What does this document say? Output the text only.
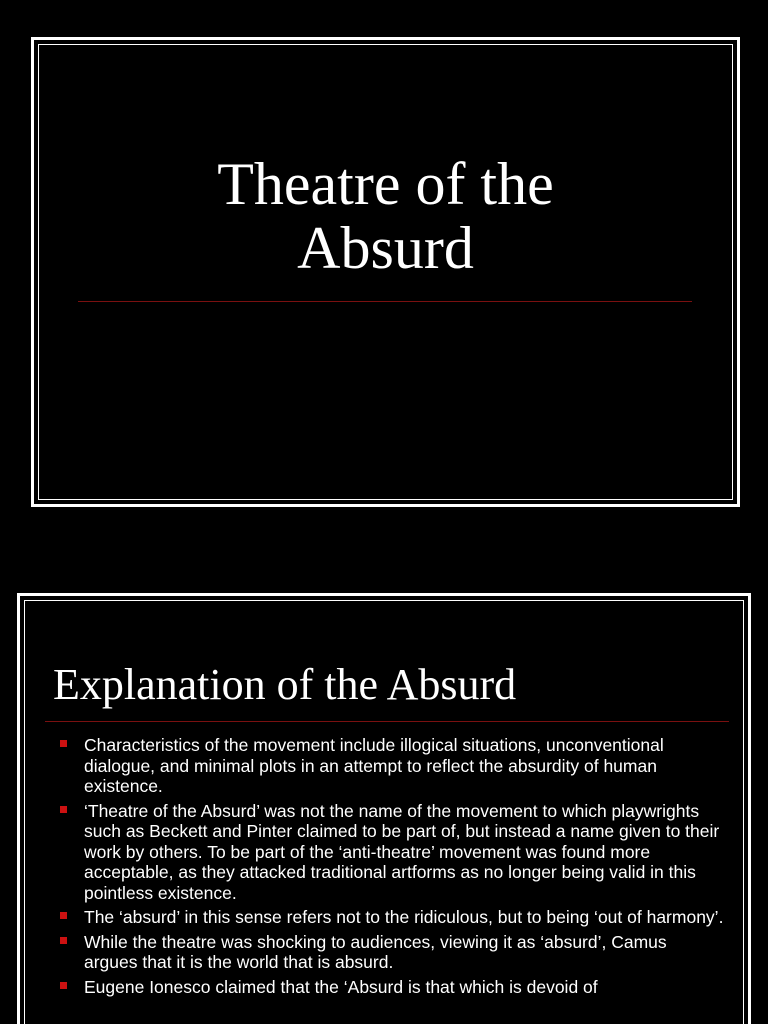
Theatre of the
Absurd
Explanation of the Absurd
Characteristics of the movement include illogical situations, unconventional dialogue, and minimal plots in an attempt to reflect the absurdity of human existence.
‘Theatre of the Absurd’ was not the name of the movement to which playwrights such as Beckett and Pinter claimed to be part of, but instead a name given to their work by others. To be part of the ‘anti-theatre’ movement was found more acceptable, as they attacked traditional artforms as no longer being valid in this pointless existence.
The ‘absurd’ in this sense refers not to the ridiculous, but to being ‘out of harmony’.
While the theatre was shocking to audiences, viewing it as ‘absurd’, Camus argues that it is the world that is absurd.
Eugene Ionesco claimed that the ‘Absurd is that which is devoid of
